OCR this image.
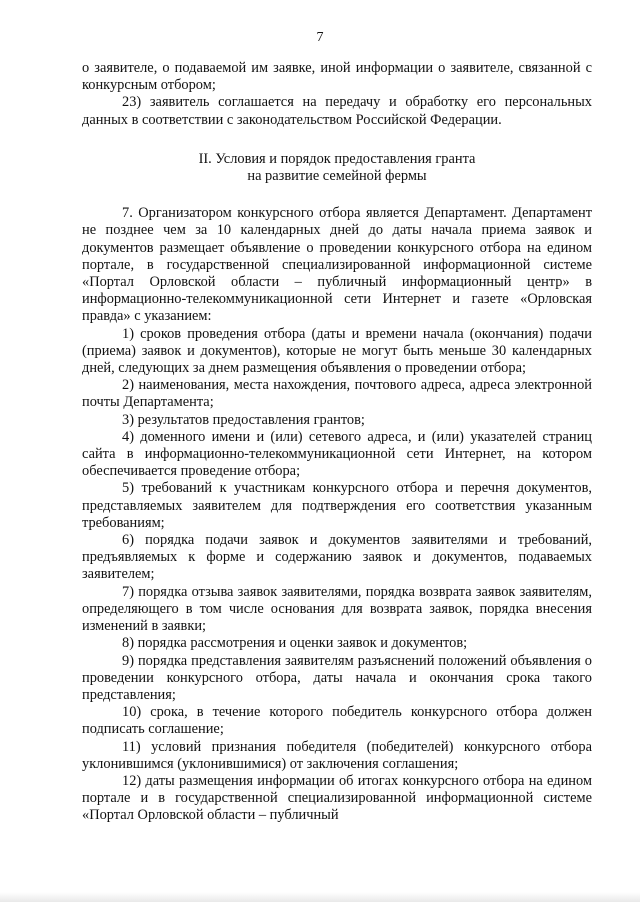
7

о заявителе, о подаваемой им заявке, иной информации о заявителе, связанной с конкурсным отбором;

23) заявитель соглашается на передачу и обработку его персональных данных в соответствии с законодательством Российской Федерации.

II. Условия и порядок предоставления гранта
на развитие семейной фермы

7. Организатором конкурсного отбора является Департамент. Департамент не позднее чем за 10 календарных дней до даты начала приема заявок и документов размещает объявление о проведении конкурсного отбора на едином портале, в государственной специализированной информационной системе «Портал Орловской области – публичный информационный центр» в информационно-телекоммуникационной сети Интернет и газете «Орловская правда» с указанием:

1) сроков проведения отбора (даты и времени начала (окончания) подачи (приема) заявок и документов), которые не могут быть меньше 30 календарных дней, следующих за днем размещения объявления о проведении отбора;

2) наименования, места нахождения, почтового адреса, адреса электронной почты Департамента;

3) результатов предоставления грантов;

4) доменного имени и (или) сетевого адреса, и (или) указателей страниц сайта в информационно-телекоммуникационной сети Интернет, на котором обеспечивается проведение отбора;

5) требований к участникам конкурсного отбора и перечня документов, представляемых заявителем для подтверждения его соответствия указанным требованиям;

6) порядка подачи заявок и документов заявителями и требований, предъявляемых к форме и содержанию заявок и документов, подаваемых заявителем;

7) порядка отзыва заявок заявителями, порядка возврата заявок заявителям, определяющего в том числе основания для возврата заявок, порядка внесения изменений в заявки;

8) порядка рассмотрения и оценки заявок и документов;

9) порядка представления заявителям разъяснений положений объявления о проведении конкурсного отбора, даты начала и окончания срока такого представления;

10) срока, в течение которого победитель конкурсного отбора должен подписать соглашение;

11) условий признания победителя (победителей) конкурсного отбора уклонившимся (уклонившимися) от заключения соглашения;

12) даты размещения информации об итогах конкурсного отбора на едином портале и в государственной специализированной информационной системе «Портал Орловской области – публичный
